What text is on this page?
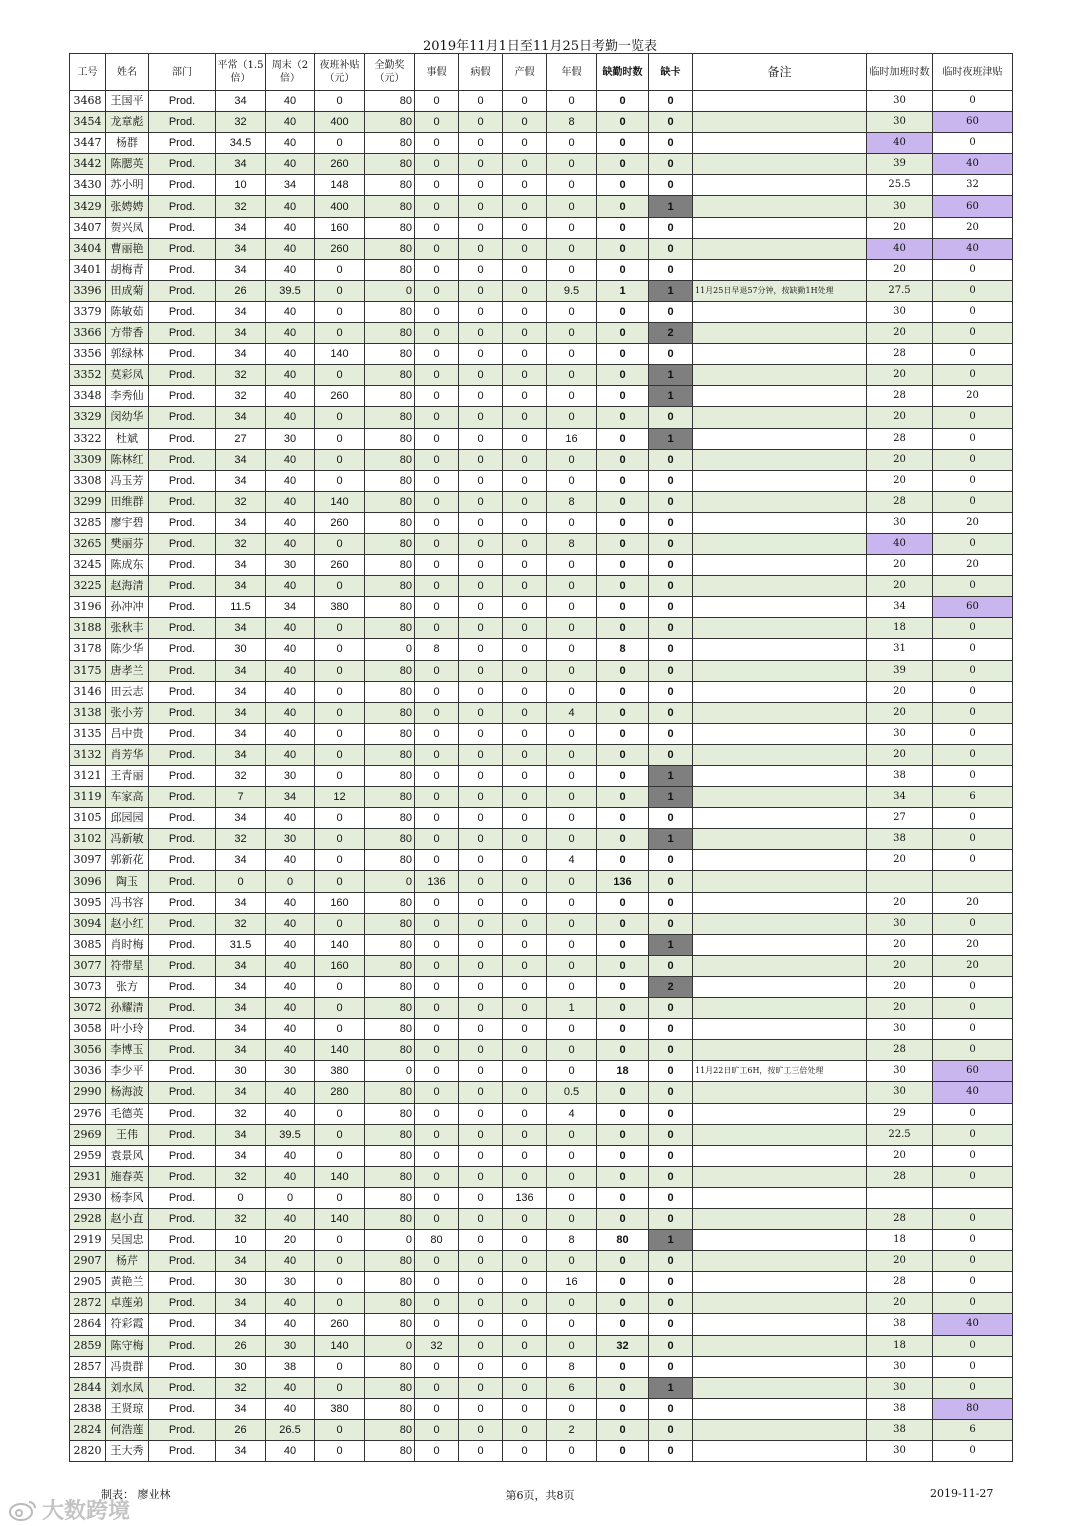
2019年11月1日至11月25日考勤一览表
工号	姓名	部门	平常（1.5倍）	周末（2倍）	夜班补贴（元）	全勤奖（元）	事假	病假	产假	年假	缺勤时数	缺卡	备注	临时加班时数	临时夜班津贴
3468	王国平	Prod.	34	40	0	80	0	0	0	0	0	0		30	0
3454	龙章彪	Prod.	32	40	400	80	0	0	0	8	0	0		30	60
3447	杨群	Prod.	34.5	40	0	80	0	0	0	0	0	0		40	0
3442	陈腮英	Prod.	34	40	260	80	0	0	0	0	0	0		39	40
3430	苏小明	Prod.	10	34	148	80	0	0	0	0	0	0		25.5	32
3429	张娉娉	Prod.	32	40	400	80	0	0	0	0	0	1		30	60
3407	贺兴凤	Prod.	34	40	160	80	0	0	0	0	0	0		20	20
3404	曹丽艳	Prod.	34	40	260	80	0	0	0	0	0	0		40	40
3401	胡梅青	Prod.	34	40	0	80	0	0	0	0	0	0		20	0
3396	田成菊	Prod.	26	39.5	0	0	0	0	0	9.5	1	1	11月25日早退57分钟，按缺勤1H处理	27.5	0
3379	陈敏茹	Prod.	34	40	0	80	0	0	0	0	0	0		30	0
3366	方带香	Prod.	34	40	0	80	0	0	0	0	0	2		20	0
3356	郭绿林	Prod.	34	40	140	80	0	0	0	0	0	0		28	0
3352	莫彩凤	Prod.	32	40	0	80	0	0	0	0	0	1		20	0
3348	李秀仙	Prod.	32	40	260	80	0	0	0	0	0	1		28	20
3329	闵幼华	Prod.	34	40	0	80	0	0	0	0	0	0		20	0
3322	杜斌	Prod.	27	30	0	80	0	0	0	16	0	1		28	0
3309	陈林红	Prod.	34	40	0	80	0	0	0	0	0	0		20	0
3308	冯玉芳	Prod.	34	40	0	80	0	0	0	0	0	0		20	0
3299	田维群	Prod.	32	40	140	80	0	0	0	8	0	0		28	0
3285	廖宇碧	Prod.	34	40	260	80	0	0	0	0	0	0		30	20
3265	樊丽芬	Prod.	32	40	0	80	0	0	0	8	0	0		40	0
3245	陈成东	Prod.	34	30	260	80	0	0	0	0	0	0		20	20
3225	赵海清	Prod.	34	40	0	80	0	0	0	0	0	0		20	0
3196	孙冲冲	Prod.	11.5	34	380	80	0	0	0	0	0	0		34	60
3188	张秋丰	Prod.	34	40	0	80	0	0	0	0	0	0		18	0
3178	陈少华	Prod.	30	40	0	0	8	0	0	0	8	0		31	0
3175	唐孝兰	Prod.	34	40	0	80	0	0	0	0	0	0		39	0
3146	田云志	Prod.	34	40	0	80	0	0	0	0	0	0		20	0
3138	张小芳	Prod.	34	40	0	80	0	0	0	4	0	0		20	0
3135	吕中贵	Prod.	34	40	0	80	0	0	0	0	0	0		30	0
3132	肖芳华	Prod.	34	40	0	80	0	0	0	0	0	0		20	0
3121	王青丽	Prod.	32	30	0	80	0	0	0	0	0	1		38	0
3119	车家高	Prod.	7	34	12	80	0	0	0	0	0	1		34	6
3105	邱园园	Prod.	34	40	0	80	0	0	0	0	0	0		27	0
3102	冯新敏	Prod.	32	30	0	80	0	0	0	0	0	1		38	0
3097	郭新花	Prod.	34	40	0	80	0	0	0	4	0	0		20	0
3096	陶玉	Prod.	0	0	0	0	136	0	0	0	136	0			
3095	冯书容	Prod.	34	40	160	80	0	0	0	0	0	0		20	20
3094	赵小红	Prod.	32	40	0	80	0	0	0	0	0	0		30	0
3085	肖时梅	Prod.	31.5	40	140	80	0	0	0	0	0	1		20	20
3077	符带星	Prod.	34	40	160	80	0	0	0	0	0	0		20	20
3073	张方	Prod.	34	40	0	80	0	0	0	0	0	2		20	0
3072	孙耀清	Prod.	34	40	0	80	0	0	0	1	0	0		20	0
3058	叶小玲	Prod.	34	40	0	80	0	0	0	0	0	0		30	0
3056	李博玉	Prod.	34	40	140	80	0	0	0	0	0	0		28	0
3036	李少平	Prod.	30	30	380	0	0	0	0	0	18	0	11月22日旷工6H，按旷工三倍处理	30	60
2990	杨海波	Prod.	34	40	280	80	0	0	0	0.5	0	0		30	40
2976	毛德英	Prod.	32	40	0	80	0	0	0	4	0	0		29	0
2969	王伟	Prod.	34	39.5	0	80	0	0	0	0	0	0		22.5	0
2959	袁景风	Prod.	34	40	0	80	0	0	0	0	0	0		20	0
2931	施春英	Prod.	32	40	140	80	0	0	0	0	0	0		28	0
2930	杨李风	Prod.	0	0	0	80	0	0	136	0	0	0			
2928	赵小直	Prod.	32	40	140	80	0	0	0	0	0	0		28	0
2919	吴国忠	Prod.	10	20	0	0	80	0	0	8	80	1		18	0
2907	杨芹	Prod.	34	40	0	80	0	0	0	0	0	0		20	0
2905	黄艳兰	Prod.	30	30	0	80	0	0	0	16	0	0		28	0
2872	卓莲弟	Prod.	34	40	0	80	0	0	0	0	0	0		20	0
2864	符彩霞	Prod.	34	40	260	80	0	0	0	0	0	0		38	40
2859	陈守梅	Prod.	26	30	140	0	32	0	0	0	32	0		18	0
2857	冯贵群	Prod.	30	38	0	80	0	0	0	8	0	0		30	0
2844	刘水凤	Prod.	32	40	0	80	0	0	0	6	0	1		30	0
2838	王贤琼	Prod.	34	40	380	80	0	0	0	0	0	0		38	80
2824	何浩莲	Prod.	26	26.5	0	80	0	0	0	2	0	0		38	6
2820	王大秀	Prod.	34	40	0	80	0	0	0	0	0	0		30	0
制表： 廖业林	第6页，共8页	2019-11-27
大数跨境
